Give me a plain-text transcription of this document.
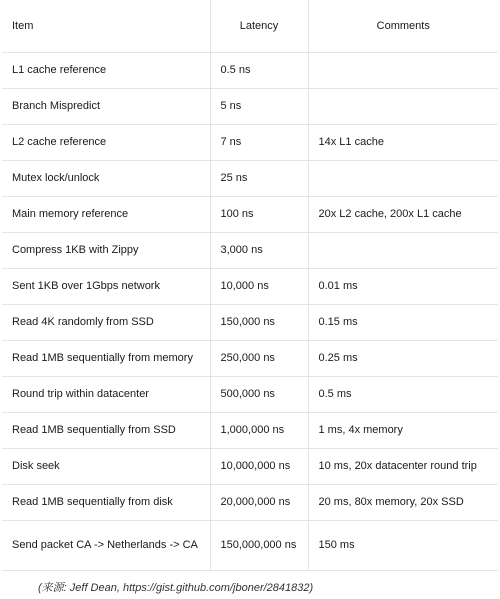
Item	Latency	Comments
L1 cache reference	0.5 ns	
Branch Mispredict	5 ns	
L2 cache reference	7 ns	14x L1 cache
Mutex lock/unlock	25 ns	
Main memory reference	100 ns	20x L2 cache, 200x L1 cache
Compress 1KB with Zippy	3,000 ns	
Sent 1KB over 1Gbps network	10,000 ns	0.01 ms
Read 4K randomly from SSD	150,000 ns	0.15 ms
Read 1MB sequentially from memory	250,000 ns	0.25 ms
Round trip within datacenter	500,000 ns	0.5 ms
Read 1MB sequentially from SSD	1,000,000 ns	1 ms, 4x memory
Disk seek	10,000,000 ns	10 ms, 20x datacenter round trip
Read 1MB sequentially from disk	20,000,000 ns	20 ms, 80x memory, 20x SSD
Send packet CA -> Netherlands -> CA	150,000,000 ns	150 ms
(来源: Jeff Dean, https://gist.github.com/jboner/2841832)
